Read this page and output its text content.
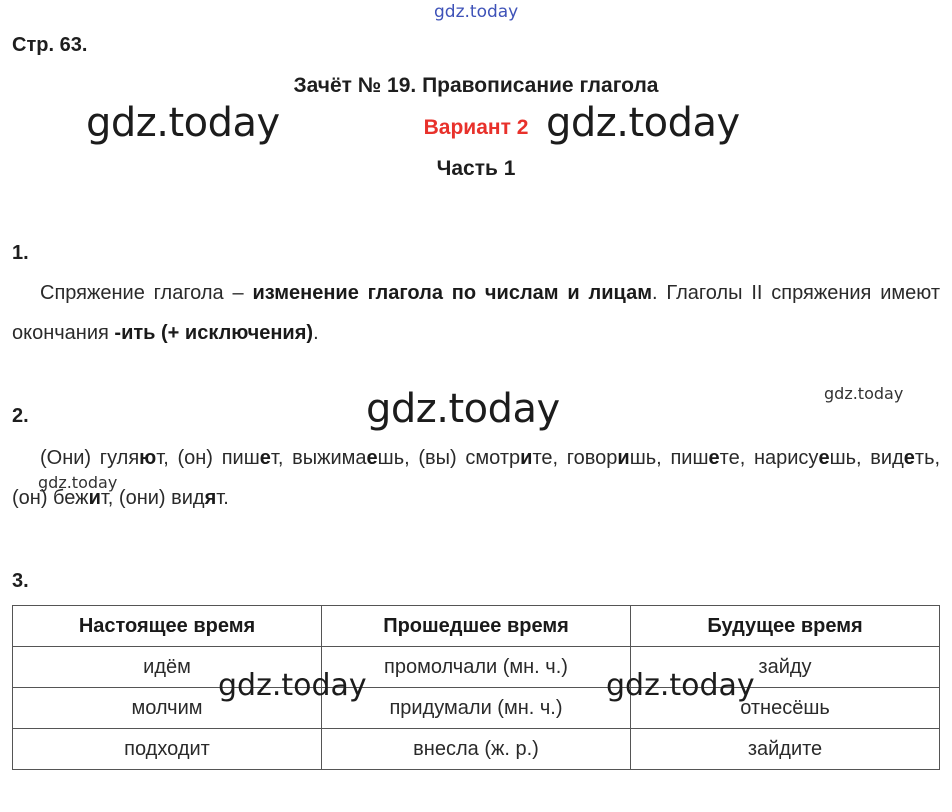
gdz.today
gdz.today	gdz.today
gdz.today	gdz.today
gdz.today
Стр. 63.
Зачёт № 19. Правописание глагола
Вариант 2
Часть 1
1.
Спряжение глагола – изменение глагола по числам и лицам. Глаголы II спряжения имеют окончания -ить (+ исключения).
2.
(Они) гуляют, (он) пишет, выжимаешь, (вы) смотрите, говоришь, пишете, нарисуешь, видеть, (он) бежит, (они) видят.
3.
Настоящее время	Прошедшее время	Будущее время
идём	промолчали (мн. ч.)	зайду
молчим	придумали (мн. ч.)	отнесёшь
подходит	внесла (ж. р.)	зайдите
gdz.today	gdz.today
